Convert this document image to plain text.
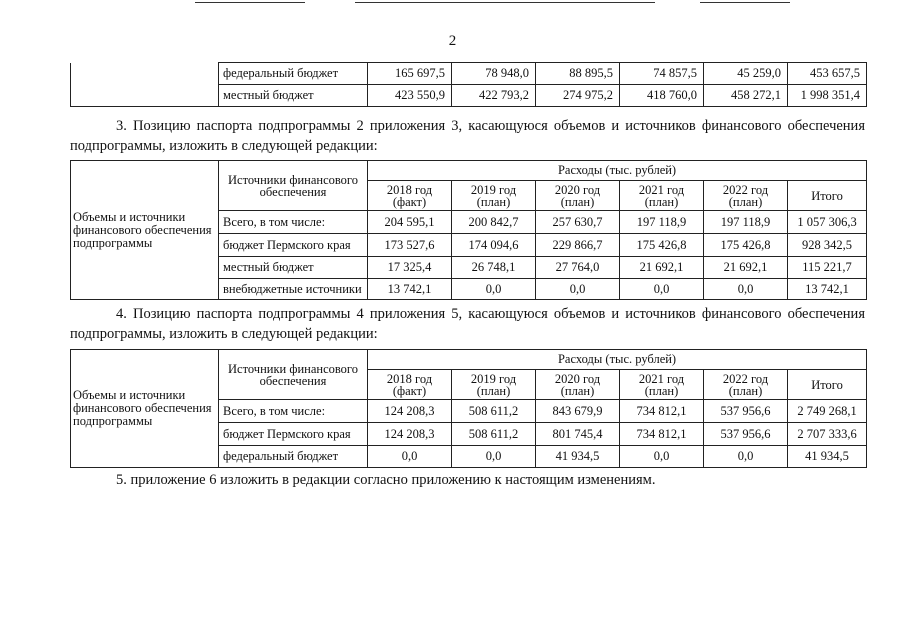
2
	федеральный бюджет	165 697,5	78 948,0	88 895,5	74 857,5	45 259,0	453 657,5
	местный бюджет	423 550,9	422 793,2	274 975,2	418 760,0	458 272,1	1 998 351,4
3. Позицию паспорта подпрограммы 2 приложения 3, касающуюся объемов и источников финансового обеспечения подпрограммы, изложить в следующей редакции:
Объемы и источники финансового обеспечения подпрограммы	Источники финансового обеспечения	Расходы (тыс. рублей)					
		2018 год (факт)	2019 год (план)	2020 год (план)	2021 год (план)	2022 год (план)	Итого
	Всего, в том числе:	204 595,1	200 842,7	257 630,7	197 118,9	197 118,9	1 057 306,3
	бюджет Пермского края	173 527,6	174 094,6	229 866,7	175 426,8	175 426,8	928 342,5
	местный бюджет	17 325,4	26 748,1	27 764,0	21 692,1	21 692,1	115 221,7
	внебюджетные источники	13 742,1	0,0	0,0	0,0	0,0	13 742,1
4. Позицию паспорта подпрограммы 4 приложения 5, касающуюся объемов и источников финансового обеспечения подпрограммы, изложить в следующей редакции:
Объемы и источники финансового обеспечения подпрограммы	Источники финансового обеспечения	Расходы (тыс. рублей)					
		2018 год (факт)	2019 год (план)	2020 год (план)	2021 год (план)	2022 год (план)	Итого
	Всего, в том числе:	124 208,3	508 611,2	843 679,9	734 812,1	537 956,6	2 749 268,1
	бюджет Пермского края	124 208,3	508 611,2	801 745,4	734 812,1	537 956,6	2 707 333,6
	федеральный бюджет	0,0	0,0	41 934,5	0,0	0,0	41 934,5
5. приложение 6 изложить в редакции согласно приложению к настоящим изменениям.
